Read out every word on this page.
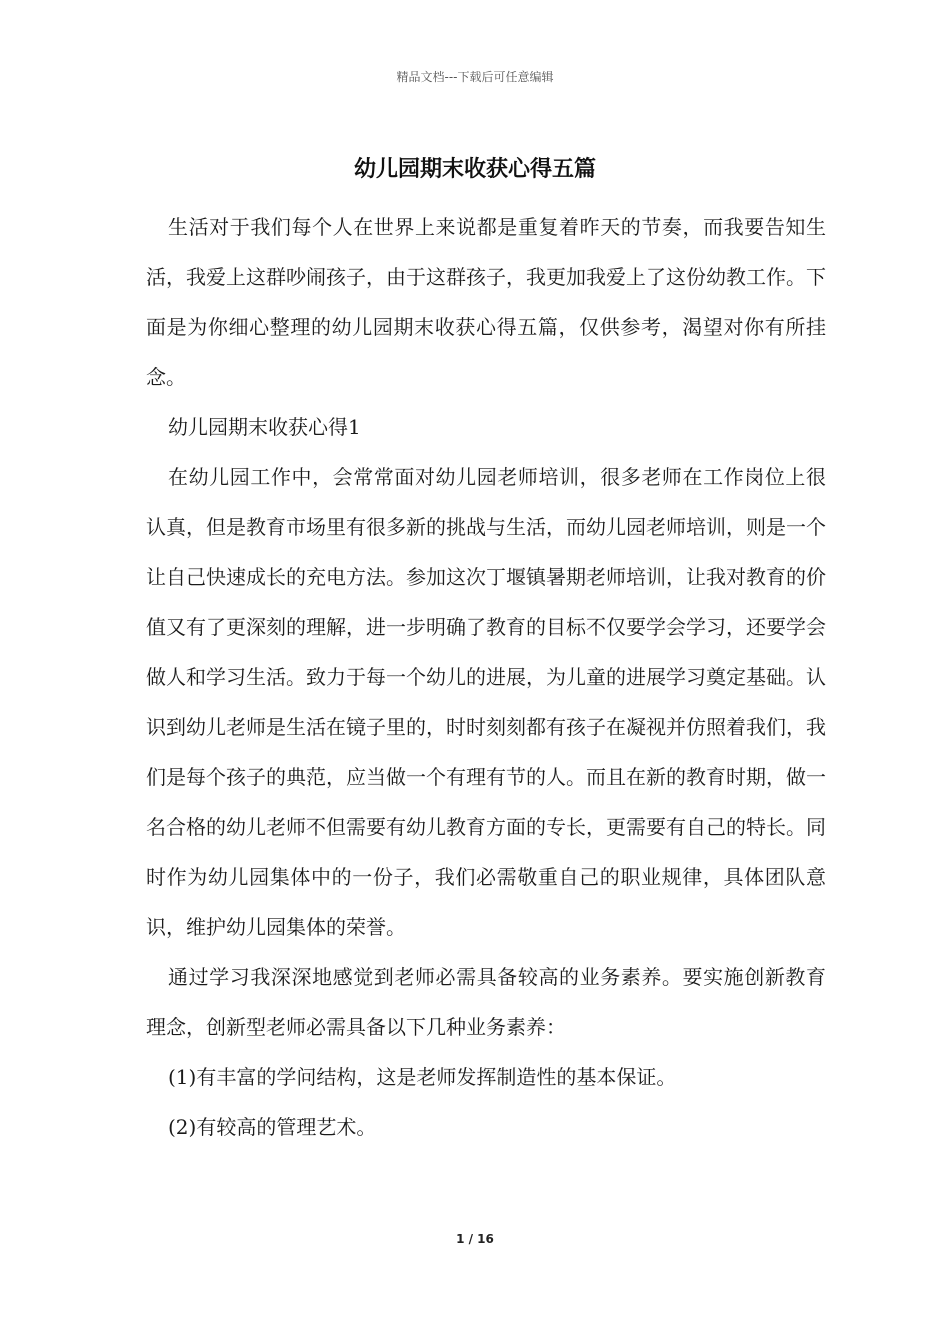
精品文档---下载后可任意编辑
幼儿园期末收获心得五篇

生活对于我们每个人在世界上来说都是重复着昨天的节奏，而我要告知生活，我爱上这群吵闹孩子，由于这群孩子，我更加我爱上了这份幼教工作。下面是为你细心整理的幼儿园期末收获心得五篇，仅供参考，渴望对你有所挂念。

幼儿园期末收获心得1

在幼儿园工作中，会常常面对幼儿园老师培训，很多老师在工作岗位上很认真，但是教育市场里有很多新的挑战与生活，而幼儿园老师培训，则是一个让自己快速成长的充电方法。参加这次丁堰镇暑期老师培训，让我对教育的价值又有了更深刻的理解，进一步明确了教育的目标不仅要学会学习，还要学会做人和学习生活。致力于每一个幼儿的进展，为儿童的进展学习奠定基础。认识到幼儿老师是生活在镜子里的，时时刻刻都有孩子在凝视并仿照着我们，我们是每个孩子的典范，应当做一个有理有节的人。而且在新的教育时期，做一名合格的幼儿老师不但需要有幼儿教育方面的专长，更需要有自己的特长。同时作为幼儿园集体中的一份子，我们必需敬重自己的职业规律，具体团队意识，维护幼儿园集体的荣誉。

通过学习我深深地感觉到老师必需具备较高的业务素养。要实施创新教育理念，创新型老师必需具备以下几种业务素养：

(1)有丰富的学问结构，这是老师发挥制造性的基本保证。

(2)有较高的管理艺术。

1 / 16
